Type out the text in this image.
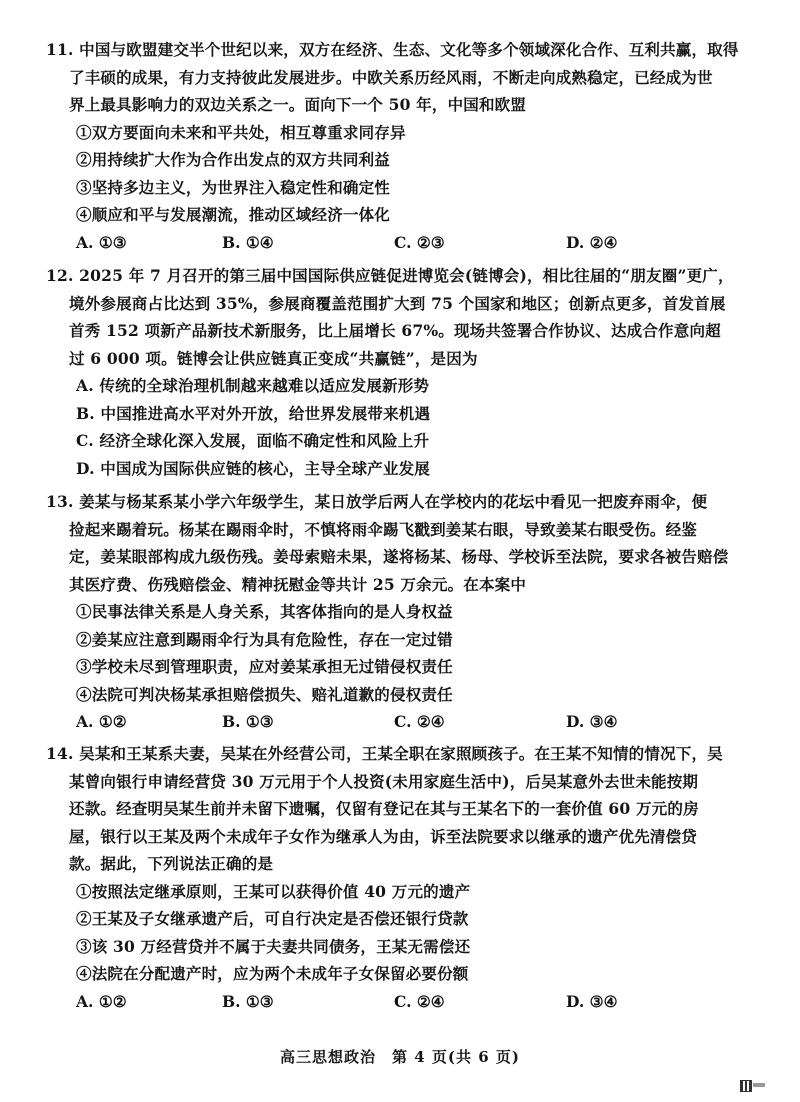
11. 中国与欧盟建交半个世纪以来，双方在经济、生态、文化等多个领域深化合作、互利共赢，取得
了丰硕的成果，有力支持彼此发展进步。中欧关系历经风雨，不断走向成熟稳定，已经成为世
界上最具影响力的双边关系之一。面向下一个 50 年，中国和欧盟
①双方要面向未来和平共处，相互尊重求同存异
②用持续扩大作为合作出发点的双方共同利益
③坚持多边主义，为世界注入稳定性和确定性
④顺应和平与发展潮流，推动区域经济一体化
A. ①③	B. ①④	C. ②③	D. ②④
12. 2025 年 7 月召开的第三届中国国际供应链促进博览会(链博会)，相比往届的“朋友圈”更广，
境外参展商占比达到 35%，参展商覆盖范围扩大到 75 个国家和地区；创新点更多，首发首展
首秀 152 项新产品新技术新服务，比上届增长 67%。现场共签署合作协议、达成合作意向超
过 6 000 项。链博会让供应链真正变成“共赢链”，是因为
A. 传统的全球治理机制越来越难以适应发展新形势
B. 中国推进高水平对外开放，给世界发展带来机遇
C. 经济全球化深入发展，面临不确定性和风险上升
D. 中国成为国际供应链的核心，主导全球产业发展
13. 姜某与杨某系某小学六年级学生，某日放学后两人在学校内的花坛中看见一把废弃雨伞，便
捡起来踢着玩。杨某在踢雨伞时，不慎将雨伞踢飞戳到姜某右眼，导致姜某右眼受伤。经鉴
定，姜某眼部构成九级伤残。姜母索赔未果，遂将杨某、杨母、学校诉至法院，要求各被告赔偿
其医疗费、伤残赔偿金、精神抚慰金等共计 25 万余元。在本案中
①民事法律关系是人身关系，其客体指向的是人身权益
②姜某应注意到踢雨伞行为具有危险性，存在一定过错
③学校未尽到管理职责，应对姜某承担无过错侵权责任
④法院可判决杨某承担赔偿损失、赔礼道歉的侵权责任
A. ①②	B. ①③	C. ②④	D. ③④
14. 吴某和王某系夫妻，吴某在外经营公司，王某全职在家照顾孩子。在王某不知情的情况下，吴
某曾向银行申请经营贷 30 万元用于个人投资(未用家庭生活中)，后吴某意外去世未能按期
还款。经查明吴某生前并未留下遗嘱，仅留有登记在其与王某名下的一套价值 60 万元的房
屋，银行以王某及两个未成年子女作为继承人为由，诉至法院要求以继承的遗产优先清偿贷
款。据此，下列说法正确的是
①按照法定继承原则，王某可以获得价值 40 万元的遗产
②王某及子女继承遗产后，可自行决定是否偿还银行贷款
③该 30 万经营贷并不属于夫妻共同债务，王某无需偿还
④法院在分配遗产时，应为两个未成年子女保留必要份额
A. ①②	B. ①③	C. ②④	D. ③④
高三思想政治　第 4 页(共 6 页)
